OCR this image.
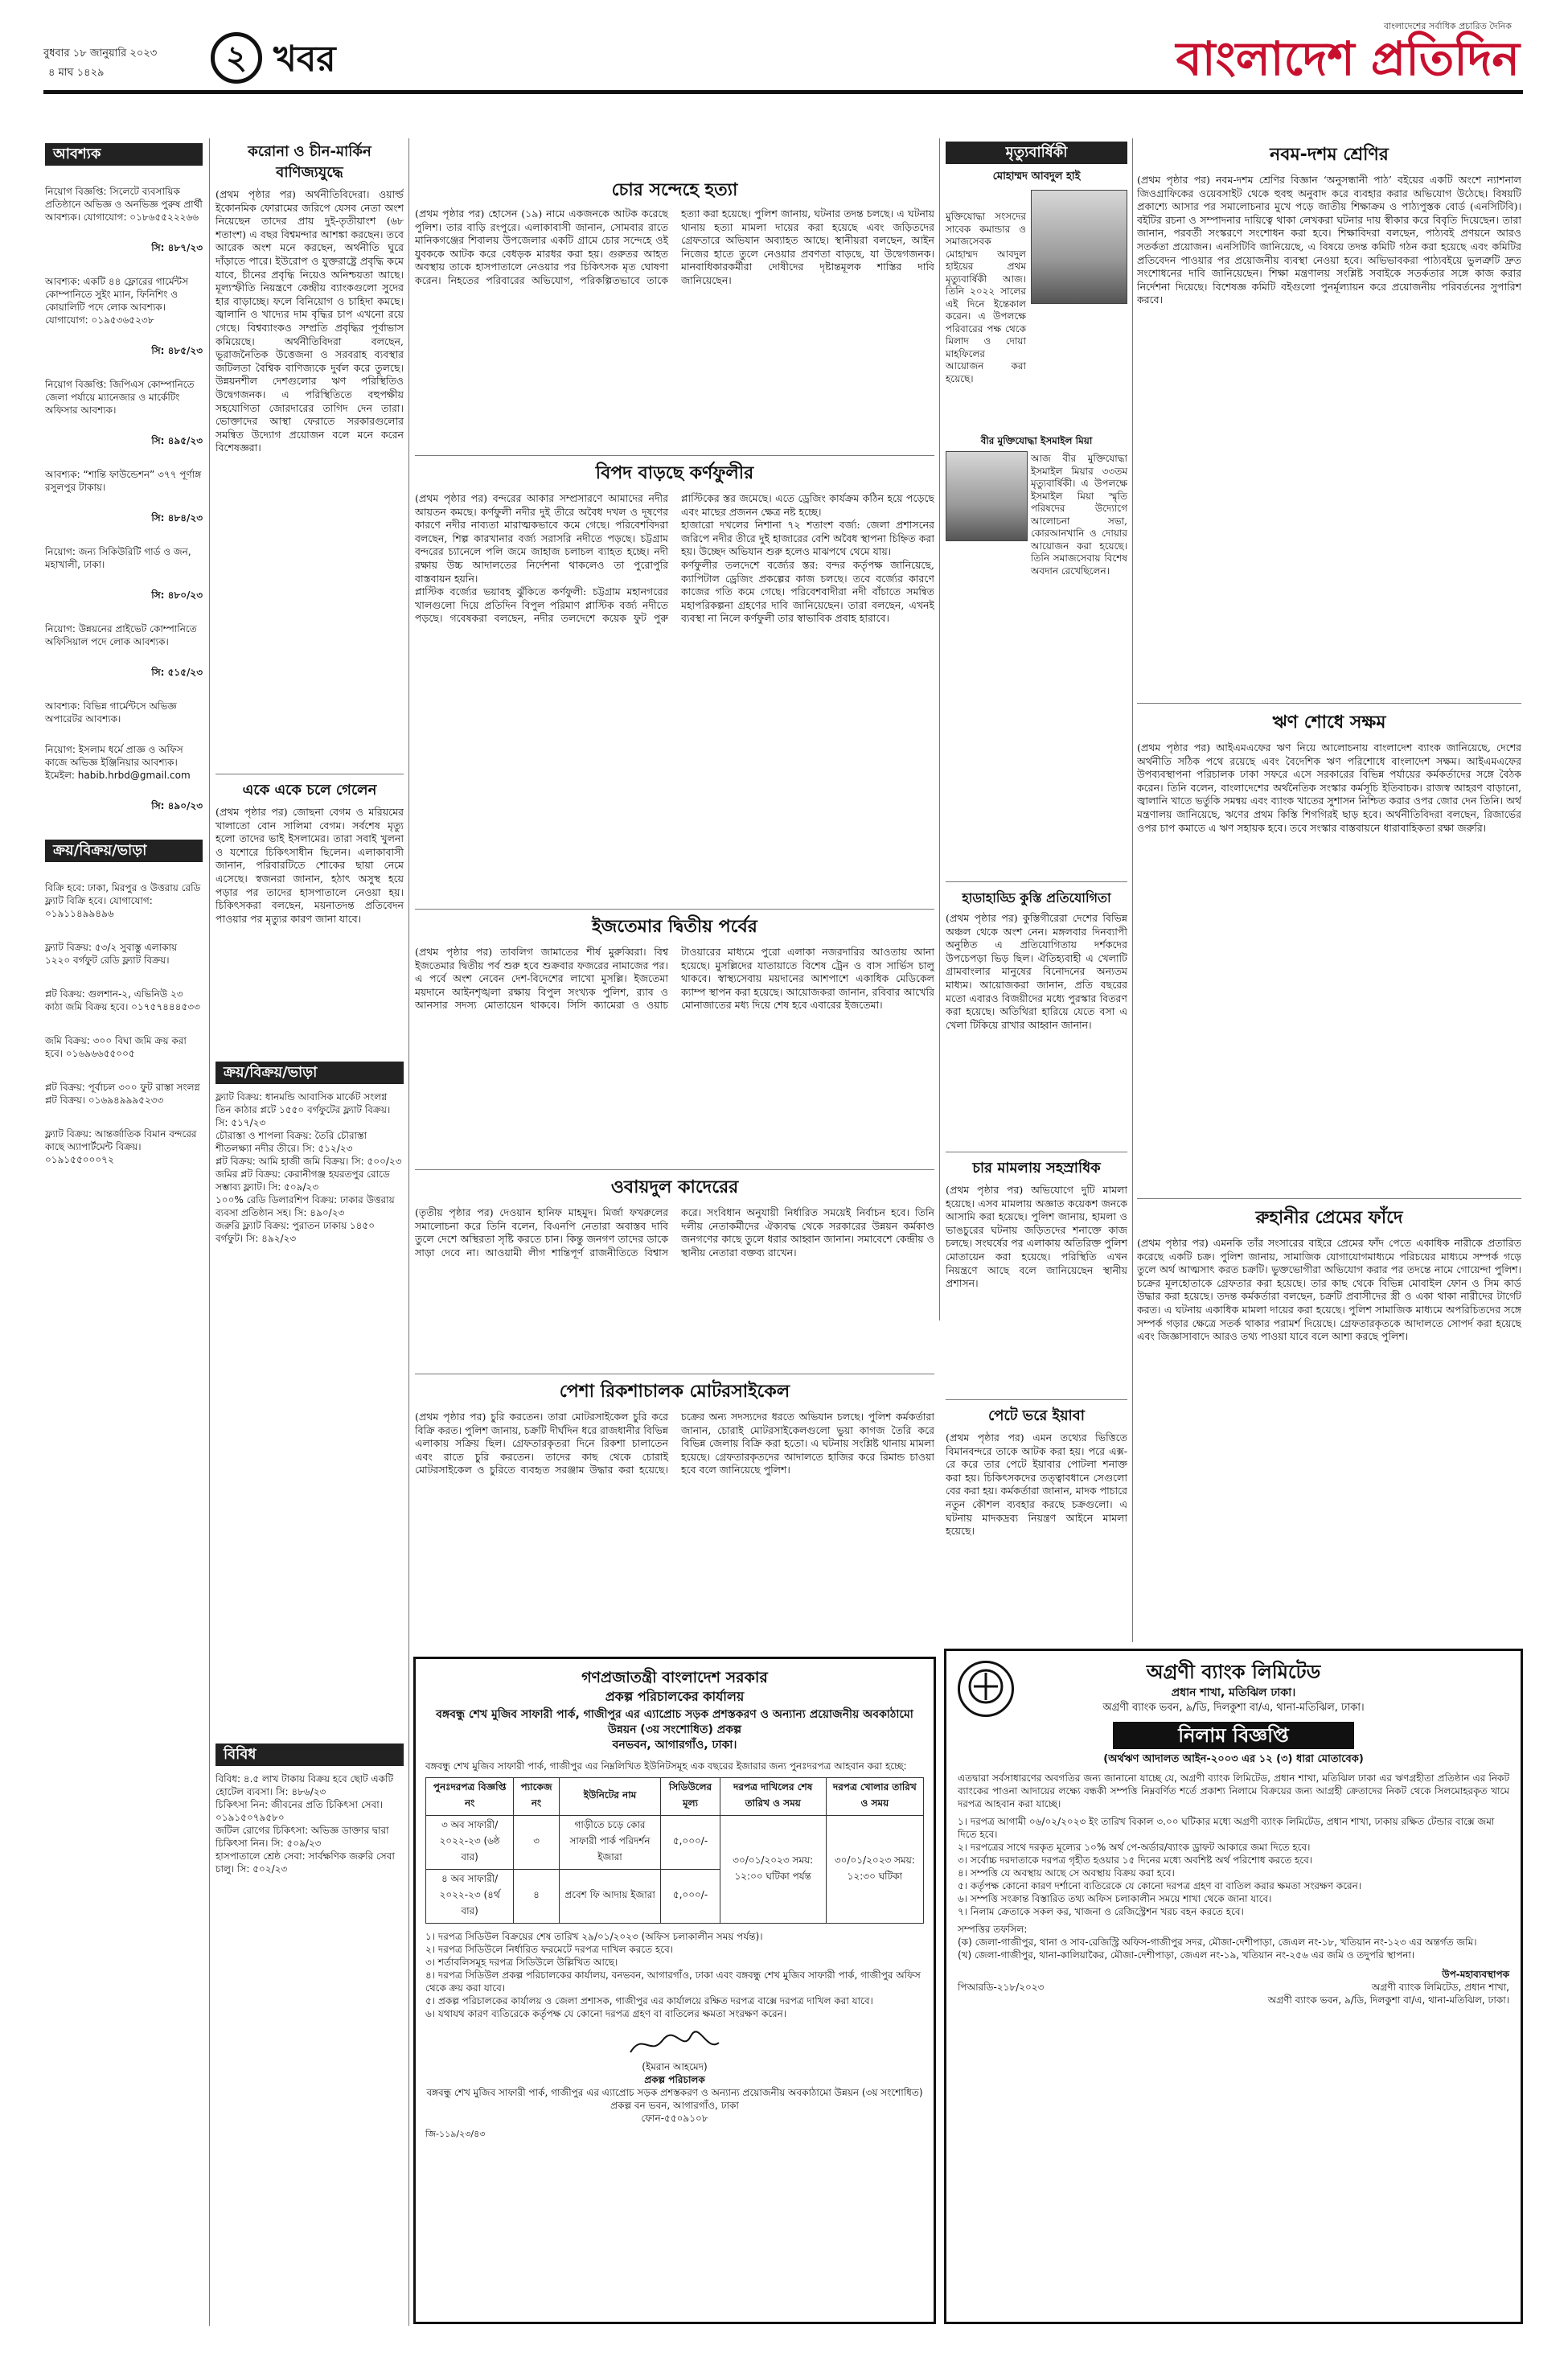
বুধবার ১৮ জানুয়ারি ২০২৩
৪ মাঘ ১৪২৯	২ খবর
বাংলাদেশের সর্বাধিক প্রচারিত দৈনিক
বাংলাদেশ প্রতিদিন
আবশ্যক

নিয়োগ বিজ্ঞপ্তি: সিলেটে ব্যবসায়িক প্রতিষ্ঠানে অভিজ্ঞ ও অনভিজ্ঞ পুরুষ প্রার্থী আবশ্যক। যোগাযোগ: ০১৮৬৫৫২২২৬৬

সি: ৪৮৭/২৩

আবশ্যক: একটি ৪৪ ফ্লোরের গার্মেন্টস কোম্পানিতে সুইং ম্যান, ফিনিশিং ও কোয়ালিটি পদে লোক আবশ্যক। যোগাযোগ: ০১৯৫৩৬৫২৩৮

সি: ৪৮৫/২৩

নিয়োগ বিজ্ঞপ্তি: জিপিএস কোম্পানিতে জেলা পর্যায়ে ম্যানেজার ও মার্কেটিং অফিসার আবশ্যক।

সি: ৪৯৫/২৩

আবশ্যক: “শান্তি ফাউন্ডেশন” ৩৭৭ পূর্ণাঙ্গ রসুলপুর টাকায়।

সি: ৪৮৪/২৩

নিয়োগ: জন্য সিকিউরিটি গার্ড ও জন, মহাখালী, ঢাকা।

সি: ৪৮০/২৩

নিয়োগ: উন্নয়নের প্রাইভেট কোম্পানিতে অফিসিয়াল পদে লোক আবশ্যক।

সি: ৫১৫/২৩

আবশ্যক: বিভিন্ন গার্মেন্টসে অভিজ্ঞ অপারেটর আবশ্যক।

নিয়োগ: ইসলাম ধর্মে প্রাজ্ঞ ও অফিস কাজে অভিজ্ঞ ইঞ্জিনিয়ার আবশ্যক। ইমেইল: habib.hrbd@gmail.com

সি: ৪৯০/২৩

ক্রয়/বিক্রয়/ভাড়া

বিক্রি হবে: ঢাকা, মিরপুর ও উত্তরায় রেডি ফ্ল্যাট বিক্রি হবে। যোগাযোগ: ০১৯১১৪৯৯৪৯৬

ফ্ল্যাট বিক্রয়: ৫৩/২ সুবাস্তু এলাকায় ১২২০ বর্গফুট রেডি ফ্ল্যাট বিক্রয়।

প্লট বিক্রয়: গুলশান-২, এভিনিউ ২৩ কাঠা জমি বিক্রয় হবে। ০১৭৫৭৪৪৪৫৩৩

জমি বিক্রয়: ৩০০ বিঘা জমি ক্রয় করা হবে। ০১৬৯৬৬৫৫০০৫

প্লট বিক্রয়: পূর্বাচল ৩০০ ফুট রাস্তা সংলগ্ন প্লট বিক্রয়। ০১৬৯৪৯৯৯৫২৩৩

ফ্ল্যাট বিক্রয়: আন্তর্জাতিক বিমান বন্দরের কাছে অ্যাপার্টমেন্ট বিক্রয়। ০১৯১৫৫০০০৭২

করোনা ও চীন-মার্কিন বাণিজ্যযুদ্ধে
(প্রথম পৃষ্ঠার পর) অর্থনীতিবিদেরা। ওয়ার্ল্ড ইকোনমিক ফোরামের জরিপে যেসব নেতা অংশ নিয়েছেন তাদের প্রায় দুই-তৃতীয়াংশ (৬৮ শতাংশ) এ বছর বিশ্বমন্দার আশঙ্কা করছেন। তবে আরেক অংশ মনে করছেন, অর্থনীতি ঘুরে দাঁড়াতে পারে। ইউরোপ ও যুক্তরাষ্ট্রে প্রবৃদ্ধি কমে যাবে, চীনের প্রবৃদ্ধি নিয়েও অনিশ্চয়তা আছে। মূল্যস্ফীতি নিয়ন্ত্রণে কেন্দ্রীয় ব্যাংকগুলো সুদের হার বাড়াচ্ছে। ফলে বিনিয়োগ ও চাহিদা কমছে। জ্বালানি ও খাদ্যের দাম বৃদ্ধির চাপ এখনো রয়ে গেছে। বিশ্বব্যাংকও সম্প্রতি প্রবৃদ্ধির পূর্বাভাস কমিয়েছে। অর্থনীতিবিদরা বলছেন, ভূরাজনৈতিক উত্তেজনা ও সরবরাহ ব্যবস্থার জটিলতা বৈশ্বিক বাণিজ্যকে দুর্বল করে তুলছে। উন্নয়নশীল দেশগুলোর ঋণ পরিস্থিতিও উদ্বেগজনক। এ পরিস্থিতিতে বহুপক্ষীয় সহযোগিতা জোরদারের তাগিদ দেন তারা। ভোক্তাদের আস্থা ফেরাতে সরকারগুলোর সমন্বিত উদ্যোগ প্রয়োজন বলে মনে করেন বিশেষজ্ঞরা।
একে একে চলে গেলেন
(প্রথম পৃষ্ঠার পর) জোছনা বেগম ও মরিয়মের খালাতো বোন সালিমা বেগম। সর্বশেষ মৃত্যু হলো তাদের ভাই ইসলামের। তারা সবাই খুলনা ও যশোরে চিকিৎসাধীন ছিলেন। এলাকাবাসী জানান, পরিবারটিতে শোকের ছায়া নেমে এসেছে। স্বজনরা জানান, হঠাৎ অসুস্থ হয়ে পড়ার পর তাদের হাসপাতালে নেওয়া হয়। চিকিৎসকরা বলছেন, ময়নাতদন্ত প্রতিবেদন পাওয়ার পর মৃত্যুর কারণ জানা যাবে।
ক্রয়/বিক্রয়/ভাড়া
ফ্ল্যাট বিক্রয়: ধানমন্ডি আবাসিক মার্কেট সংলগ্ন তিন কাঠার প্লটে ১৫৫০ বর্গফুটের ফ্ল্যাট বিক্রয়। সি: ৫১৭/২৩
চৌরাস্তা ও শাপলা বিক্রয়: তৈরি চৌরাস্তা শীতলক্ষ্যা নদীর তীরে। সি: ৫১২/২৩
প্লট বিক্রয়: আমি হাজী জমি বিক্রয়। সি: ৫০০/২৩
জমির প্লট বিক্রয়: কেরানীগঞ্জ হযরতপুর রোডে সম্ভাব্য ফ্ল্যাট। সি: ৫০৯/২৩
১০০% রেডি ডিলারশিপ বিক্রয়: ঢাকার উত্তরায় ব্যবসা প্রতিষ্ঠান সহ। সি: ৪৯০/২৩
জরুরি ফ্ল্যাট বিক্রয়: পুরাতন ঢাকায় ১৪৫০ বর্গফুট। সি: ৪৯২/২৩
বিবিধ
বিবিধ: ৪.৫ লাখ টাকায় বিক্রয় হবে ছোট একটি হোটেল ব্যবসা। সি: ৪৮৬/২৩
চিকিৎসা নিন: জীবনের প্রতি চিকিৎসা সেবা। ০১৯১৫০৭৯৫৮০
জটিল রোগের চিকিৎসা: অভিজ্ঞ ডাক্তার দ্বারা চিকিৎসা নিন। সি: ৫০৯/২৩
হাসপাতালে শ্রেষ্ঠ সেবা: সার্বক্ষণিক জরুরি সেবা চালু। সি: ৫০২/২৩
চোর সন্দেহে হত্যা
(প্রথম পৃষ্ঠার পর) হোসেন (১৯) নামে একজনকে আটক করেছে পুলিশ। তার বাড়ি রংপুরে। এলাকাবাসী জানান, সোমবার রাতে মানিকগঞ্জের শিবালয় উপজেলার একটি গ্রামে চোর সন্দেহে ওই যুবককে আটক করে বেধড়ক মারধর করা হয়। গুরুতর আহত অবস্থায় তাকে হাসপাতালে নেওয়ার পর চিকিৎসক মৃত ঘোষণা করেন। নিহতের পরিবারের অভিযোগ, পরিকল্পিতভাবে তাকে হত্যা করা হয়েছে। পুলিশ জানায়, ঘটনার তদন্ত চলছে। এ ঘটনায় থানায় হত্যা মামলা দায়ের করা হয়েছে এবং জড়িতদের গ্রেফতারে অভিযান অব্যাহত আছে। স্থানীয়রা বলছেন, আইন নিজের হাতে তুলে নেওয়ার প্রবণতা বাড়ছে, যা উদ্বেগজনক। মানবাধিকারকর্মীরা দোষীদের দৃষ্টান্তমূলক শাস্তির দাবি জানিয়েছেন।
বিপদ বাড়ছে কর্ণফুলীর
(প্রথম পৃষ্ঠার পর) বন্দরের আকার সম্প্রসারণে আমাদের নদীর আয়তন কমছে। কর্ণফুলী নদীর দুই তীরে অবৈধ দখল ও দূষণের কারণে নদীর নাব্যতা মারাত্মকভাবে কমে গেছে। পরিবেশবিদরা বলছেন, শিল্প কারখানার বর্জ্য সরাসরি নদীতে পড়ছে। চট্টগ্রাম বন্দরের চ্যানেলে পলি জমে জাহাজ চলাচল ব্যাহত হচ্ছে। নদী রক্ষায় উচ্চ আদালতের নির্দেশনা থাকলেও তা পুরোপুরি বাস্তবায়ন হয়নি।
প্লাস্টিক বর্জ্যের ভয়াবহ ঝুঁকিতে কর্ণফুলী: চট্টগ্রাম মহানগরের খালগুলো দিয়ে প্রতিদিন বিপুল পরিমাণ প্লাস্টিক বর্জ্য নদীতে পড়ছে। গবেষকরা বলছেন, নদীর তলদেশে কয়েক ফুট পুরু প্লাস্টিকের স্তর জমেছে। এতে ড্রেজিং কার্যক্রম কঠিন হয়ে পড়েছে এবং মাছের প্রজনন ক্ষেত্র নষ্ট হচ্ছে।
হাজারো দখলের নিশানা ৭২ শতাংশ বর্জ্য: জেলা প্রশাসনের জরিপে নদীর তীরে দুই হাজারের বেশি অবৈধ স্থাপনা চিহ্নিত করা হয়। উচ্ছেদ অভিযান শুরু হলেও মাঝপথে থেমে যায়।
কর্ণফুলীর তলদেশে বর্জ্যের স্তর: বন্দর কর্তৃপক্ষ জানিয়েছে, ক্যাপিটাল ড্রেজিং প্রকল্পের কাজ চলছে। তবে বর্জ্যের কারণে কাজের গতি কমে গেছে। পরিবেশবাদীরা নদী বাঁচাতে সমন্বিত মহাপরিকল্পনা গ্রহণের দাবি জানিয়েছেন। তারা বলছেন, এখনই ব্যবস্থা না নিলে কর্ণফুলী তার স্বাভাবিক প্রবাহ হারাবে।
ইজতেমার দ্বিতীয় পর্বের
(প্রথম পৃষ্ঠার পর) তাবলিগ জামাতের শীর্ষ মুরুব্বিরা। বিশ্ব ইজতেমার দ্বিতীয় পর্ব শুরু হবে শুক্রবার ফজরের নামাজের পর। এ পর্বে অংশ নেবেন দেশ-বিদেশের লাখো মুসল্লি। ইজতেমা ময়দানে আইনশৃঙ্খলা রক্ষায় বিপুল সংখ্যক পুলিশ, র‌্যাব ও আনসার সদস্য মোতায়েন থাকবে। সিসি ক্যামেরা ও ওয়াচ টাওয়ারের মাধ্যমে পুরো এলাকা নজরদারির আওতায় আনা হয়েছে। মুসল্লিদের যাতায়াতে বিশেষ ট্রেন ও বাস সার্ভিস চালু থাকবে। স্বাস্থ্যসেবায় ময়দানের আশপাশে একাধিক মেডিকেল ক্যাম্প স্থাপন করা হয়েছে। আয়োজকরা জানান, রবিবার আখেরি মোনাজাতের মধ্য দিয়ে শেষ হবে এবারের ইজতেমা।
ওবায়দুল কাদেরের
(তৃতীয় পৃষ্ঠার পর) দেওয়ান হানিফ মাহমুদ। মির্জা ফখরুলের সমালোচনা করে তিনি বলেন, বিএনপি নেতারা অবাস্তব দাবি তুলে দেশে অস্থিরতা সৃষ্টি করতে চান। কিন্তু জনগণ তাদের ডাকে সাড়া দেবে না। আওয়ামী লীগ শান্তিপূর্ণ রাজনীতিতে বিশ্বাস করে। সংবিধান অনুযায়ী নির্ধারিত সময়েই নির্বাচন হবে। তিনি দলীয় নেতাকর্মীদের ঐক্যবদ্ধ থেকে সরকারের উন্নয়ন কর্মকাণ্ড জনগণের কাছে তুলে ধরার আহ্বান জানান। সমাবেশে কেন্দ্রীয় ও স্থানীয় নেতারা বক্তব্য রাখেন।
পেশা রিকশাচালক মোটরসাইকেল
(প্রথম পৃষ্ঠার পর) চুরি করতেন। তারা মোটরসাইকেল চুরি করে বিক্রি করত। পুলিশ জানায়, চক্রটি দীর্ঘদিন ধরে রাজধানীর বিভিন্ন এলাকায় সক্রিয় ছিল। গ্রেফতারকৃতরা দিনে রিকশা চালাতেন এবং রাতে চুরি করতেন। তাদের কাছ থেকে চোরাই মোটরসাইকেল ও চুরিতে ব্যবহৃত সরঞ্জাম উদ্ধার করা হয়েছে। চক্রের অন্য সদস্যদের ধরতে অভিযান চলছে। পুলিশ কর্মকর্তারা জানান, চোরাই মোটরসাইকেলগুলো ভুয়া কাগজ তৈরি করে বিভিন্ন জেলায় বিক্রি করা হতো। এ ঘটনায় সংশ্লিষ্ট থানায় মামলা হয়েছে। গ্রেফতারকৃতদের আদালতে হাজির করে রিমান্ড চাওয়া হবে বলে জানিয়েছে পুলিশ।
গণপ্রজাতন্ত্রী বাংলাদেশ সরকার
প্রকল্প পরিচালকের কার্যালয়
বঙ্গবন্ধু শেখ মুজিব সাফারী পার্ক, গাজীপুর এর এ্যাপ্রোচ সড়ক প্রশস্তকরণ ও অন্যান্য প্রয়োজনীয় অবকাঠামো উন্নয়ন (৩য় সংশোধিত) প্রকল্প
বনভবন, আগারগাঁও, ঢাকা।
বঙ্গবন্ধু শেখ মুজিব সাফারী পার্ক, গাজীপুর এর নিম্নলিখিত ইউনিটসমূহ এক বছরের ইজারার জন্য পুনঃদরপত্র আহবান করা হচ্ছে:
পুনঃদরপত্র বিজ্ঞপ্তি নং	প্যাকেজ নং	ইউনিটের নাম	সিডিউলের মূল্য	দরপত্র দাখিলের শেষ তারিখ ও সময়	দরপত্র খোলার তারিখ ও সময়
৩ অব সাফারী/২০২২-২৩ (৬ষ্ঠ বার)	৩	গাড়ীতে চড়ে কোর সাফারী পার্ক পরিদর্শন ইজারা	৫,০০০/-	৩০/০১/২০২৩ সময়: ১২:০০ ঘটিকা পর্যন্ত	৩০/০১/২০২৩ সময়: ১২:৩০ ঘটিকা
৪ অব সাফারী/২০২২-২৩ (৪র্থ বার)	৪	প্রবেশ ফি আদায় ইজারা	৫,০০০/-		
১। দরপত্র সিডিউল বিক্রয়ের শেষ তারিখ ২৯/০১/২০২৩ (অফিস চলাকালীন সময় পর্যন্ত)।
২। দরপত্র সিডিউলে নির্ধারিত ফরমেটে দরপত্র দাখিল করতে হবে।
৩। শর্তাবলিসমূহ দরপত্র সিডিউলে উল্লিখিত আছে।
৪। দরপত্র সিডিউল প্রকল্প পরিচালকের কার্যালয়, বনভবন, আগারগাঁও, ঢাকা এবং বঙ্গবন্ধু শেখ মুজিব সাফারী পার্ক, গাজীপুর অফিস থেকে ক্রয় করা যাবে।
৫। প্রকল্প পরিচালকের কার্যালয় ও জেলা প্রশাসক, গাজীপুর এর কার্যালয়ে রক্ষিত দরপত্র বাক্সে দরপত্র দাখিল করা যাবে।
৬। যথাযথ কারণ ব্যতিরেকে কর্তৃপক্ষ যে কোনো দরপত্র গ্রহণ বা বাতিলের ক্ষমতা সংরক্ষণ করেন।
(ইমরান আহমেদ)
প্রকল্প পরিচালক
বঙ্গবন্ধু শেখ মুজিব সাফারী পার্ক, গাজীপুর এর এ্যাপ্রোচ সড়ক প্রশস্তকরণ ও অন্যান্য প্রয়োজনীয় অবকাঠামো উন্নয়ন (৩য় সংশোধিত) প্রকল্প বন ভবন, আগারগাঁও, ঢাকা
ফোন-৫৫০৯১০৮
জি-১১৯/২৩/৪৩
মৃত্যুবার্ষিকী
মোহাম্মদ আবদুল হাই
মুক্তিযোদ্ধা সংসদের সাবেক কমান্ডার ও সমাজসেবক মোহাম্মদ আবদুল হাইয়ের প্রথম মৃত্যুবার্ষিকী আজ। তিনি ২০২২ সালের এই দিনে ইন্তেকাল করেন। এ উপলক্ষে পরিবারের পক্ষ থেকে মিলাদ ও দোয়া মাহফিলের আয়োজন করা হয়েছে।
বীর মুক্তিযোদ্ধা ইসমাইল মিয়া
আজ বীর মুক্তিযোদ্ধা ইসমাইল মিয়ার ৩৩তম মৃত্যুবার্ষিকী। এ উপলক্ষে ইসমাইল মিয়া স্মৃতি পরিষদের উদ্যোগে আলোচনা সভা, কোরআনখানি ও দোয়ার আয়োজন করা হয়েছে। তিনি সমাজসেবায় বিশেষ অবদান রেখেছিলেন।
হাডাহাড্ডি কুস্তি প্রতিযোগিতা
(প্রথম পৃষ্ঠার পর) কুস্তিগীরেরা দেশের বিভিন্ন অঞ্চল থেকে অংশ নেন। মঙ্গলবার দিনব্যাপী অনুষ্ঠিত এ প্রতিযোগিতায় দর্শকদের উপচেপড়া ভিড় ছিল। ঐতিহ্যবাহী এ খেলাটি গ্রামবাংলার মানুষের বিনোদনের অন্যতম মাধ্যম। আয়োজকরা জানান, প্রতি বছরের মতো এবারও বিজয়ীদের মধ্যে পুরস্কার বিতরণ করা হয়েছে। অতিথিরা হারিয়ে যেতে বসা এ খেলা টিকিয়ে রাখার আহ্বান জানান।
চার মামলায় সহস্রাধিক
(প্রথম পৃষ্ঠার পর) অভিযোগে দুটি মামলা হয়েছে। এসব মামলায় অজ্ঞাত কয়েকশ জনকে আসামি করা হয়েছে। পুলিশ জানায়, হামলা ও ভাঙচুরের ঘটনায় জড়িতদের শনাক্তে কাজ চলছে। সংঘর্ষের পর এলাকায় অতিরিক্ত পুলিশ মোতায়েন করা হয়েছে। পরিস্থিতি এখন নিয়ন্ত্রণে আছে বলে জানিয়েছেন স্থানীয় প্রশাসন।
পেটে ভরে ইয়াবা
(প্রথম পৃষ্ঠার পর) এমন তথ্যের ভিত্তিতে বিমানবন্দরে তাকে আটক করা হয়। পরে এক্স-রে করে তার পেটে ইয়াবার পোটলা শনাক্ত করা হয়। চিকিৎসকদের তত্ত্বাবধানে সেগুলো বের করা হয়। কর্মকর্তারা জানান, মাদক পাচারে নতুন কৌশল ব্যবহার করছে চক্রগুলো। এ ঘটনায় মাদকদ্রব্য নিয়ন্ত্রণ আইনে মামলা হয়েছে।
নবম-দশম শ্রেণির
(প্রথম পৃষ্ঠার পর) নবম-দশম শ্রেণির বিজ্ঞান ‘অনুসন্ধানী পাঠ’ বইয়ের একটি অংশে ন্যাশনাল জিওগ্রাফিকের ওয়েবসাইট থেকে হুবহু অনুবাদ করে ব্যবহার করার অভিযোগ উঠেছে। বিষয়টি প্রকাশ্যে আসার পর সমালোচনার মুখে পড়ে জাতীয় শিক্ষাক্রম ও পাঠ্যপুস্তক বোর্ড (এনসিটিবি)। বইটির রচনা ও সম্পাদনার দায়িত্বে থাকা লেখকরা ঘটনার দায় স্বীকার করে বিবৃতি দিয়েছেন। তারা জানান, পরবর্তী সংস্করণে সংশোধন করা হবে। শিক্ষাবিদরা বলছেন, পাঠ্যবই প্রণয়নে আরও সতর্কতা প্রয়োজন। এনসিটিবি জানিয়েছে, এ বিষয়ে তদন্ত কমিটি গঠন করা হয়েছে এবং কমিটির প্রতিবেদন পাওয়ার পর প্রয়োজনীয় ব্যবস্থা নেওয়া হবে। অভিভাবকরা পাঠ্যবইয়ে ভুলত্রুটি দ্রুত সংশোধনের দাবি জানিয়েছেন। শিক্ষা মন্ত্রণালয় সংশ্লিষ্ট সবাইকে সতর্কতার সঙ্গে কাজ করার নির্দেশনা দিয়েছে। বিশেষজ্ঞ কমিটি বইগুলো পুনর্মূল্যায়ন করে প্রয়োজনীয় পরিবর্তনের সুপারিশ করবে।
ঋণ শোধে সক্ষম
(প্রথম পৃষ্ঠার পর) আইএমএফের ঋণ নিয়ে আলোচনায় বাংলাদেশ ব্যাংক জানিয়েছে, দেশের অর্থনীতি সঠিক পথে রয়েছে এবং বৈদেশিক ঋণ পরিশোধে বাংলাদেশ সক্ষম। আইএমএফের উপব্যবস্থাপনা পরিচালক ঢাকা সফরে এসে সরকারের বিভিন্ন পর্যায়ের কর্মকর্তাদের সঙ্গে বৈঠক করেন। তিনি বলেন, বাংলাদেশের অর্থনৈতিক সংস্কার কর্মসূচি ইতিবাচক। রাজস্ব আহরণ বাড়ানো, জ্বালানি খাতে ভর্তুকি সমন্বয় এবং ব্যাংক খাতের সুশাসন নিশ্চিত করার ওপর জোর দেন তিনি। অর্থ মন্ত্রণালয় জানিয়েছে, ঋণের প্রথম কিস্তি শিগগিরই ছাড় হবে। অর্থনীতিবিদরা বলছেন, রিজার্ভের ওপর চাপ কমাতে এ ঋণ সহায়ক হবে। তবে সংস্কার বাস্তবায়নে ধারাবাহিকতা রক্ষা জরুরি।
রুহানীর প্রেমের ফাঁদে
(প্রথম পৃষ্ঠার পর) এমনকি তাঁর সংসারের বাইরে প্রেমের ফাঁদ পেতে একাধিক নারীকে প্রতারিত করেছে একটি চক্র। পুলিশ জানায়, সামাজিক যোগাযোগমাধ্যমে পরিচয়ের মাধ্যমে সম্পর্ক গড়ে তুলে অর্থ আত্মসাৎ করত চক্রটি। ভুক্তভোগীরা অভিযোগ করার পর তদন্তে নামে গোয়েন্দা পুলিশ। চক্রের মূলহোতাকে গ্রেফতার করা হয়েছে। তার কাছ থেকে বিভিন্ন মোবাইল ফোন ও সিম কার্ড উদ্ধার করা হয়েছে। তদন্ত কর্মকর্তারা বলছেন, চক্রটি প্রবাসীদের স্ত্রী ও একা থাকা নারীদের টার্গেট করত। এ ঘটনায় একাধিক মামলা দায়ের করা হয়েছে। পুলিশ সামাজিক মাধ্যমে অপরিচিতদের সঙ্গে সম্পর্ক গড়ার ক্ষেত্রে সতর্ক থাকার পরামর্শ দিয়েছে। গ্রেফতারকৃতকে আদালতে সোপর্দ করা হয়েছে এবং জিজ্ঞাসাবাদে আরও তথ্য পাওয়া যাবে বলে আশা করছে পুলিশ।
অগ্রণী ব্যাংক লিমিটেড
প্রধান শাখা, মতিঝিল ঢাকা।
অগ্রণী ব্যাংক ভবন, ৯/ডি, দিলকুশা বা/এ, থানা-মতিঝিল, ঢাকা।
নিলাম বিজ্ঞপ্তি
(অর্থঋণ আদালত আইন-২০০৩ এর ১২ (৩) ধারা মোতাবেক)
এতদ্বারা সর্বসাধারণের অবগতির জন্য জানানো যাচ্ছে যে, অগ্রণী ব্যাংক লিমিটেড, প্রধান শাখা, মতিঝিল ঢাকা এর ঋণগ্রহীতা প্রতিষ্ঠান এর নিকট ব্যাংকের পাওনা আদায়ের লক্ষ্যে বন্ধকী সম্পত্তি নিম্নবর্ণিত শর্তে প্রকাশ্য নিলামে বিক্রয়ের জন্য আগ্রহী ক্রেতাদের নিকট থেকে সিলমোহরকৃত খামে দরপত্র আহবান করা যাচ্ছে।
১। দরপত্র আগামী ০৬/০২/২০২৩ ইং তারিখ বিকাল ৩.০০ ঘটিকার মধ্যে অগ্রণী ব্যাংক লিমিটেড, প্রধান শাখা, ঢাকায় রক্ষিত টেন্ডার বাক্সে জমা দিতে হবে।
২। দরপত্রের সাথে দরকৃত মূল্যের ১০% অর্থ পে-অর্ডার/ব্যাংক ড্রাফট আকারে জমা দিতে হবে।
৩। সর্বোচ্চ দরদাতাকে দরপত্র গৃহীত হওয়ার ১৫ দিনের মধ্যে অবশিষ্ট অর্থ পরিশোধ করতে হবে।
৪। সম্পত্তি যে অবস্থায় আছে সে অবস্থায় বিক্রয় করা হবে।
৫। কর্তৃপক্ষ কোনো কারণ দর্শানো ব্যতিরেকে যে কোনো দরপত্র গ্রহণ বা বাতিল করার ক্ষমতা সংরক্ষণ করেন।
৬। সম্পত্তি সংক্রান্ত বিস্তারিত তথ্য অফিস চলাকালীন সময়ে শাখা থেকে জানা যাবে।
৭। নিলাম ক্রেতাকে সকল কর, খাজনা ও রেজিস্ট্রেশন খরচ বহন করতে হবে।
সম্পত্তির তফসিল:
(ক) জেলা-গাজীপুর, থানা ও সাব-রেজিস্ট্রি অফিস-গাজীপুর সদর, মৌজা-দেশীপাড়া, জেএল নং-১৮, খতিয়ান নং-১২৩ এর অন্তর্গত জমি।
(খ) জেলা-গাজীপুর, থানা-কালিয়াকৈর, মৌজা-দেশীপাড়া, জেএল নং-১৯, খতিয়ান নং-২৫৬ এর জমি ও তদুপরি স্থাপনা।
উপ-মহাব্যবস্থাপক
পিআরডি-২১৮/২০২৩	অগ্রণী ব্যাংক লিমিটেড, প্রধান শাখা,
অগ্রণী ব্যাংক ভবন, ৯/ডি, দিলকুশা বা/এ, থানা-মতিঝিল, ঢাকা।
